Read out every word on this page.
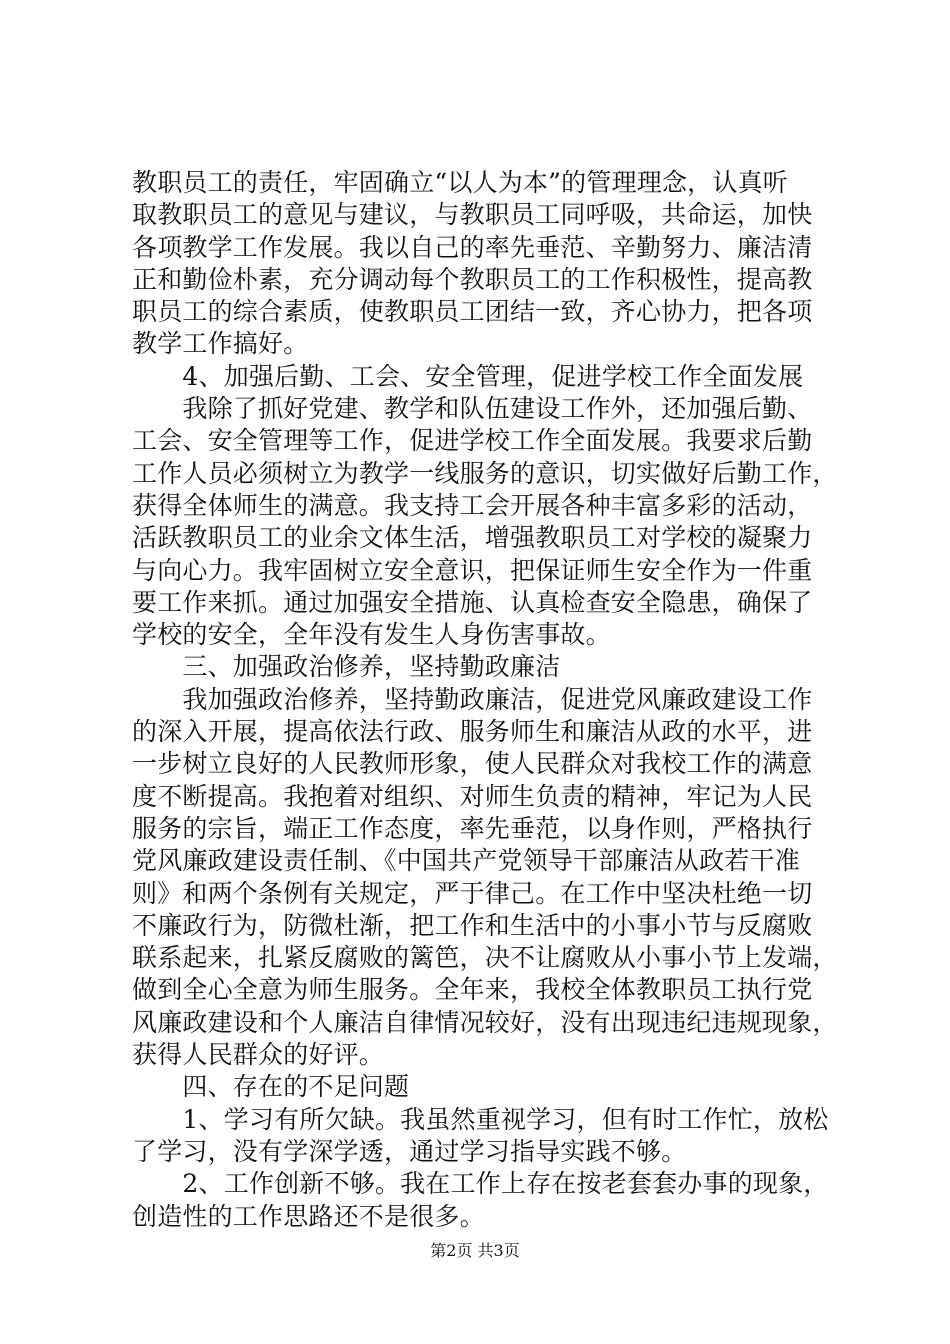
教职员工的责任，牢固确立“以人为本”的管理理念，认真听
取教职员工的意见与建议，与教职员工同呼吸，共命运，加快
各项教学工作发展。我以自己的率先垂范、辛勤努力、廉洁清
正和勤俭朴素，充分调动每个教职员工的工作积极性，提高教
职员工的综合素质，使教职员工团结一致，齐心协力，把各项
教学工作搞好。
　　4、加强后勤、工会、安全管理，促进学校工作全面发展
　　我除了抓好党建、教学和队伍建设工作外，还加强后勤、
工会、安全管理等工作，促进学校工作全面发展。我要求后勤
工作人员必须树立为教学一线服务的意识，切实做好后勤工作，
获得全体师生的满意。我支持工会开展各种丰富多彩的活动，
活跃教职员工的业余文体生活，增强教职员工对学校的凝聚力
与向心力。我牢固树立安全意识，把保证师生安全作为一件重
要工作来抓。通过加强安全措施、认真检查安全隐患，确保了
学校的安全，全年没有发生人身伤害事故。
　　三、加强政治修养，坚持勤政廉洁
　　我加强政治修养，坚持勤政廉洁，促进党风廉政建设工作
的深入开展，提高依法行政、服务师生和廉洁从政的水平，进
一步树立良好的人民教师形象，使人民群众对我校工作的满意
度不断提高。我抱着对组织、对师生负责的精神，牢记为人民
服务的宗旨，端正工作态度，率先垂范，以身作则，严格执行
党风廉政建设责任制、《中国共产党领导干部廉洁从政若干准
则》和两个条例有关规定，严于律己。在工作中坚决杜绝一切
不廉政行为，防微杜渐，把工作和生活中的小事小节与反腐败
联系起来，扎紧反腐败的篱笆，决不让腐败从小事小节上发端，
做到全心全意为师生服务。全年来，我校全体教职员工执行党
风廉政建设和个人廉洁自律情况较好，没有出现违纪违规现象，
获得人民群众的好评。
　　四、存在的不足问题
　　1、学习有所欠缺。我虽然重视学习，但有时工作忙，放松
了学习，没有学深学透，通过学习指导实践不够。
　　2、工作创新不够。我在工作上存在按老套套办事的现象，
创造性的工作思路还不是很多。
第2页 共3页
